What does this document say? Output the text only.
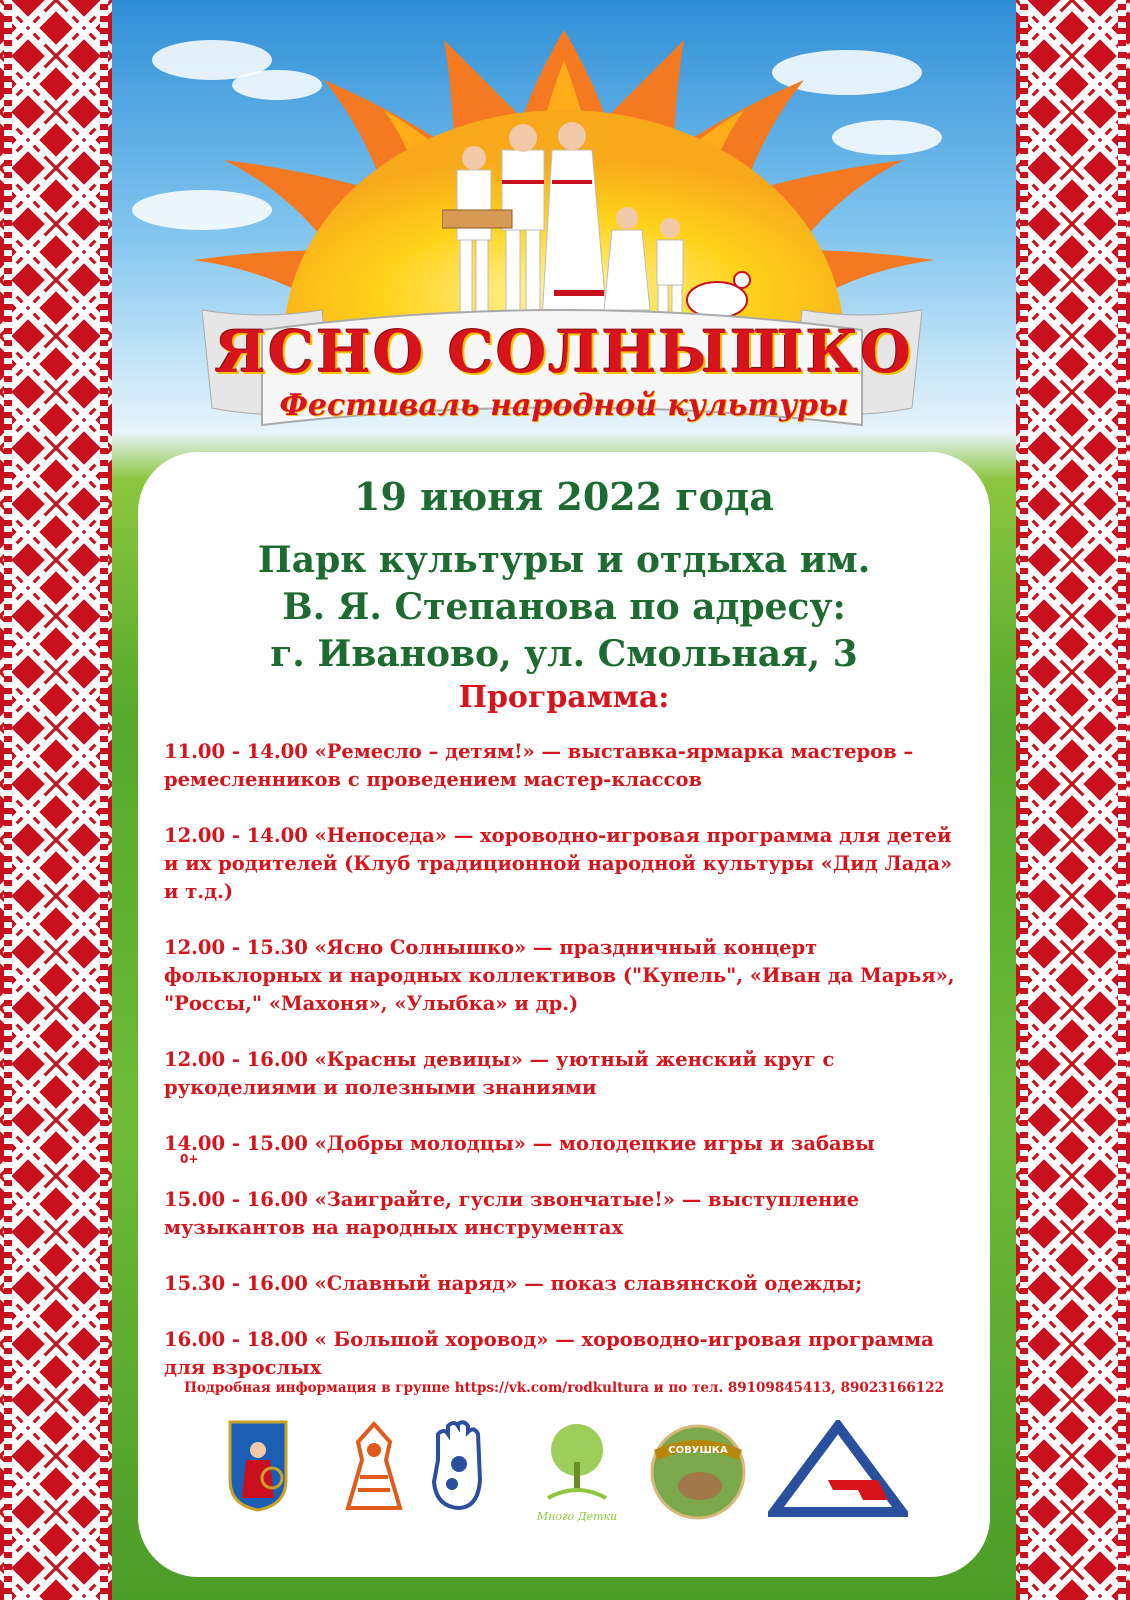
ЯСНО СОЛНЫШКО
Фестиваль народной культуры
19 июня 2022 года
Парк культуры и отдыха им.
В. Я. Степанова по адресу:
г. Иваново, ул. Смольная, 3
Программа:
11.00 - 14.00 «Ремесло – детям!» — выставка-ярмарка мастеров – ремесленников с проведением мастер-классов
12.00 - 14.00 «Непоседа» — хороводно-игровая программа для детей и их родителей (Клуб традиционной народной культуры «Дид Лада» и т.д.)
12.00 - 15.30 «Ясно Солнышко» — праздничный концерт фольклорных и народных коллективов ("Купель", «Иван да Марья», "Россы," «Махоня», «Улыбка» и др.)
12.00 - 16.00 «Красны девицы» — уютный женский круг с рукоделиями и полезными знаниями
14.00 - 15.00 «Добры молодцы» — молодецкие игры и забавы
15.00 - 16.00 «Заиграйте, гусли звончатые!» — выступление музыкантов на народных инструментах
15.30 - 16.00 «Славный наряд» — показ славянской одежды;
16.00 - 18.00 « Большой хоровод» — хороводно-игровая программа для взрослых
Подробная информация в группе https://vk.com/rodkultura и по тел. 89109845413, 89023166122
Много Детки
СОВУШКА
0+
